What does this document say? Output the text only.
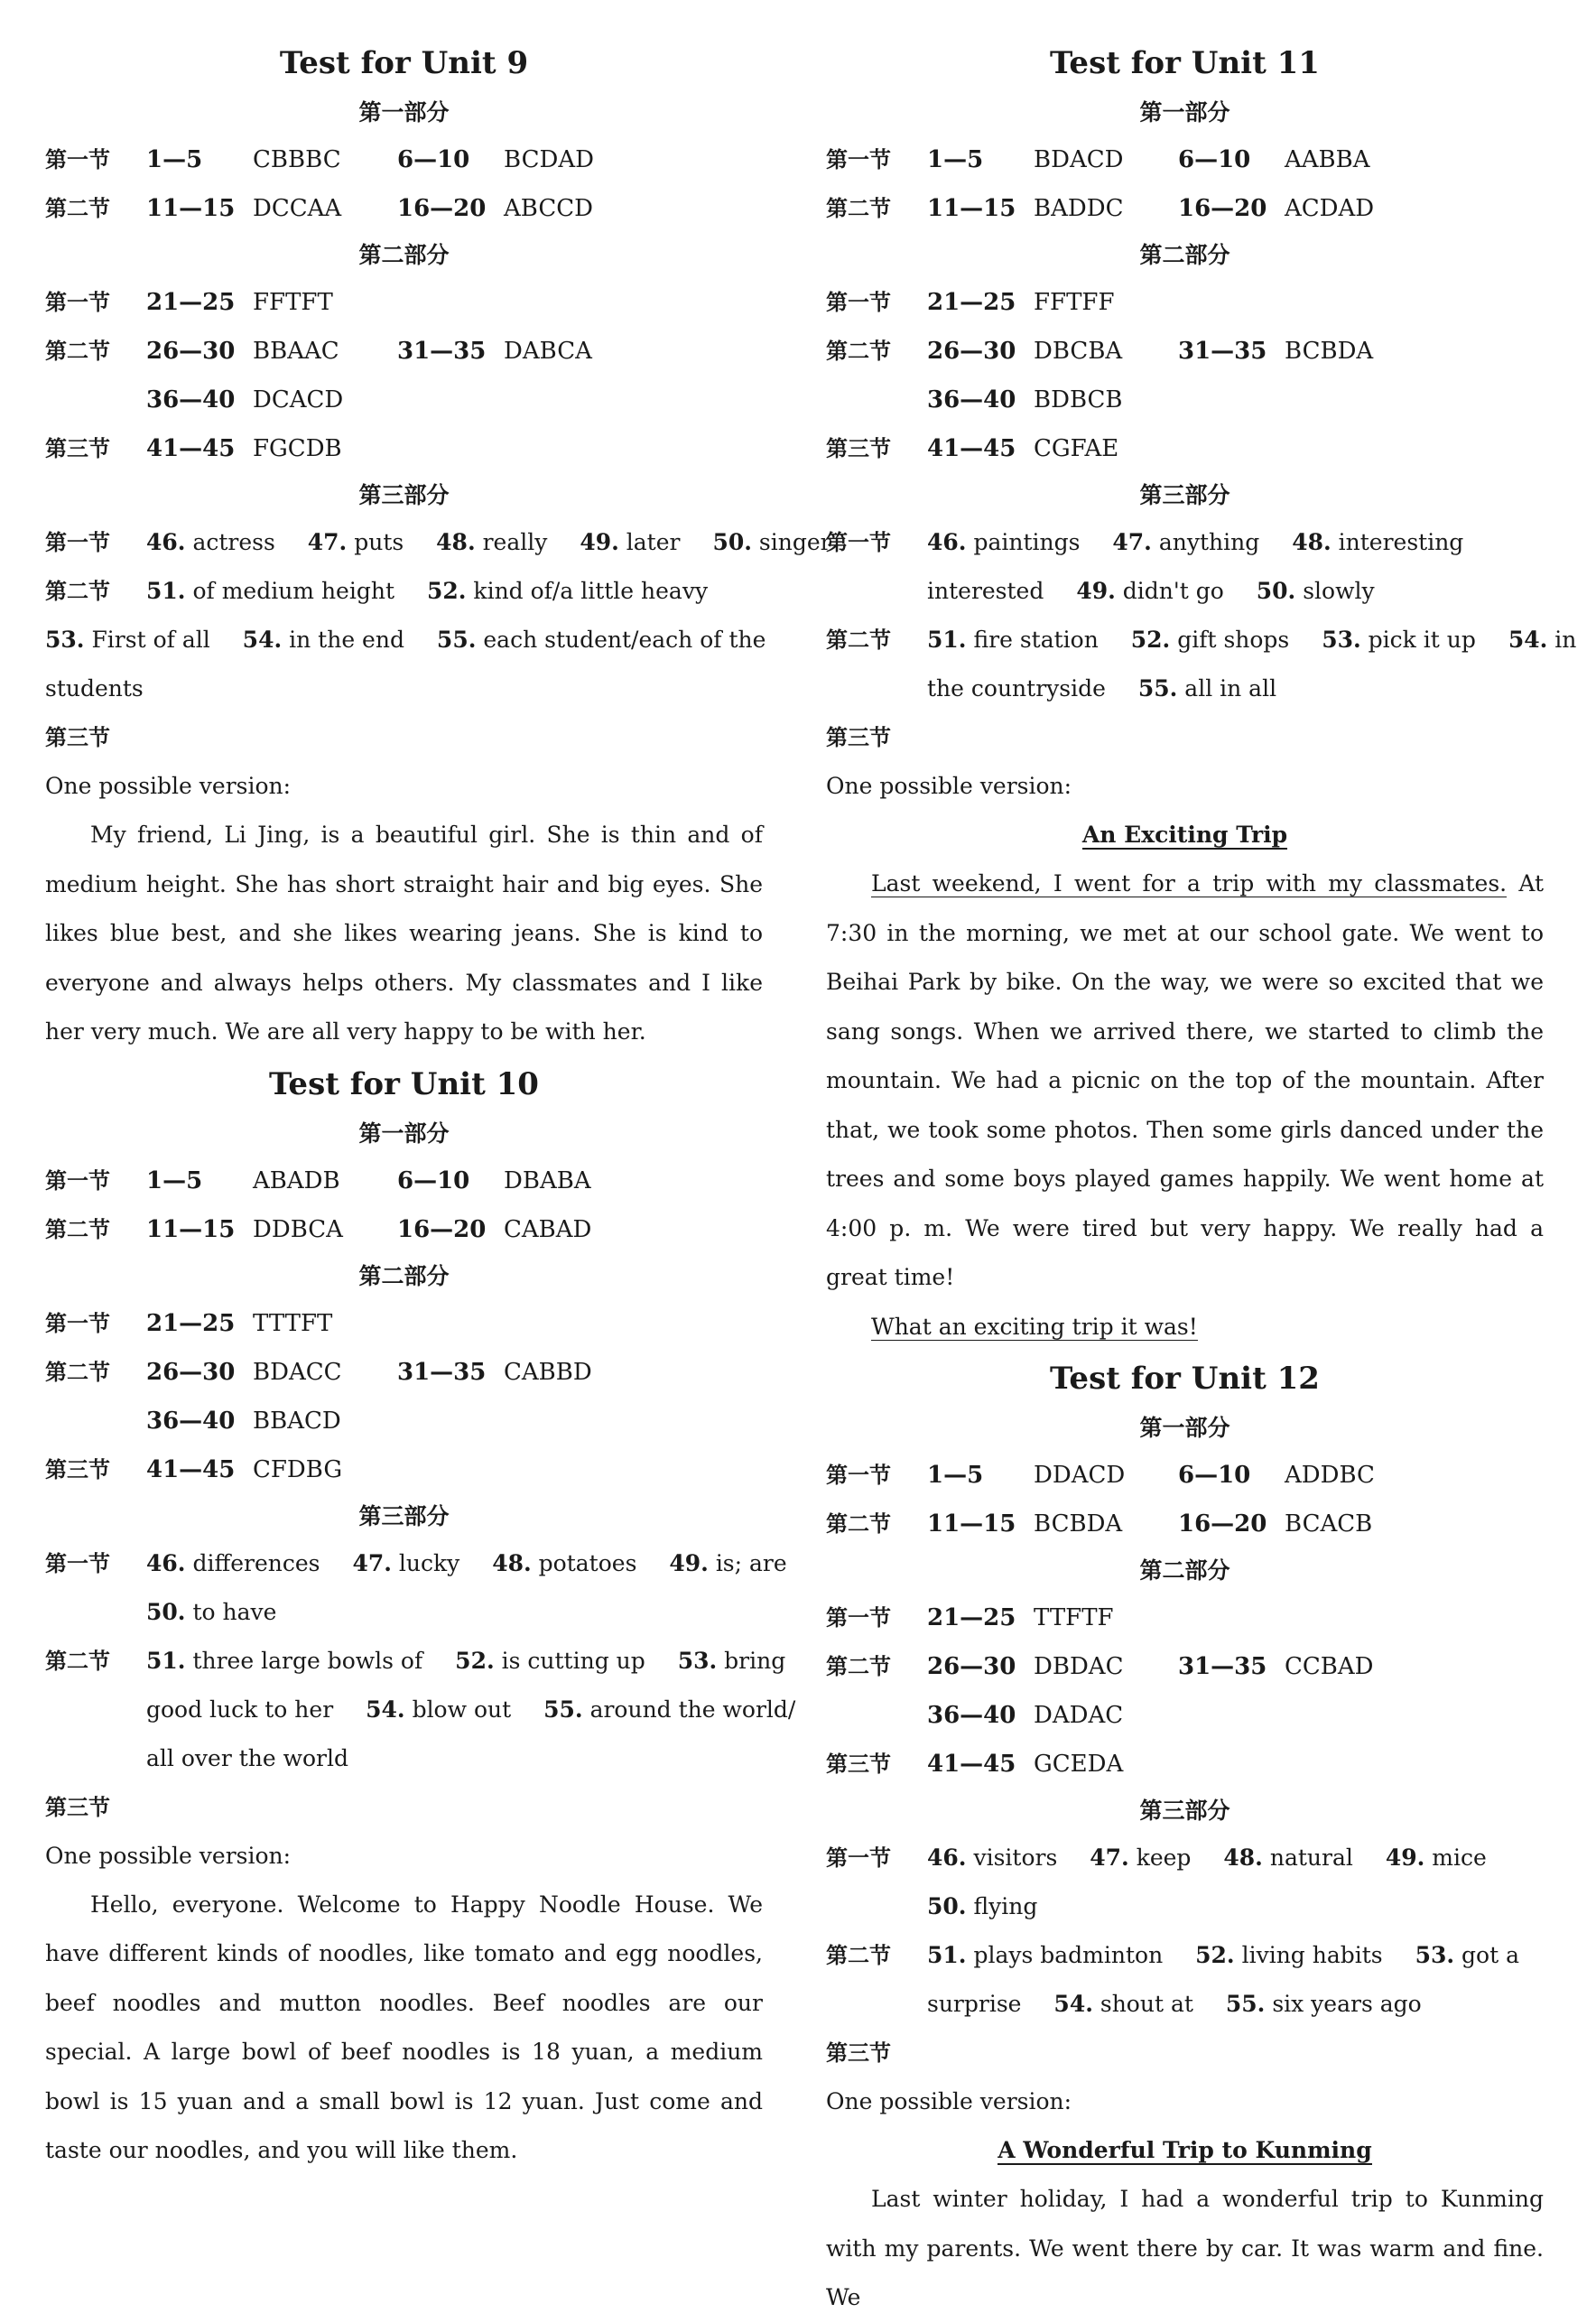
Test for Unit 9
第一部分
第一节	1—5	CBBBC	6—10	BCDAD
第二节	11—15 DCCAA	16—20 ABCCD
第二部分
第一节	21—25 FFTFT
第二节	26—30 BBAAC	31—35 DABCA
36—40 DCACD
第三节	41—45 FGCDB
第三部分
第一节	46. actress 47. puts 48. really 49. later 50. singer
第二节	51. of medium height 52. kind of/a little heavy
53. First of all 54. in the end 55. each student/each of the
students
第三节
One possible version:

My friend, Li Jing, is a beautiful girl. She is thin and of medium height. She has short straight hair and big eyes. She likes blue best, and she likes wearing jeans. She is kind to everyone and always helps others. My classmates and I like her very much. We are all very happy to be with her.

Test for Unit 10
第一部分
第一节	1—5	ABADB	6—10	DBABA
第二节	11—15 DDBCA	16—20 CABAD
第二部分
第一节	21—25 TTTFT
第二节	26—30 BDACC	31—35 CABBD
36—40 BBACD
第三节	41—45 CFDBG
第三部分
第一节	46. differences 47. lucky 48. potatoes 49. is; are
50. to have
第二节	51. three large bowls of 52. is cutting up 53. bring
good luck to her 54. blow out 55. around the world/
all over the world
第三节
One possible version:

Hello, everyone. Welcome to Happy Noodle House. We have different kinds of noodles, like tomato and egg noodles, beef noodles and mutton noodles. Beef noodles are our special. A large bowl of beef noodles is 18 yuan, a medium bowl is 15 yuan and a small bowl is 12 yuan. Just come and taste our noodles, and you will like them.

Test for Unit 11
第一部分
第一节	1—5	BDACD	6—10	AABBA
第二节	11—15 BADDC	16—20 ACDAD
第二部分
第一节	21—25 FFTFF
第二节	26—30 DBCBA	31—35 BCBDA
36—40 BDBCB
第三节	41—45 CGFAE
第三部分
第一节	46. paintings 47. anything 48. interesting
interested 49. didn't go 50. slowly
第二节	51. fire station 52. gift shops 53. pick it up 54. in
the countryside 55. all in all
第三节
One possible version:
An Exciting Trip

Last weekend, I went for a trip with my classmates. At 7:30 in the morning, we met at our school gate. We went to Beihai Park by bike. On the way, we were so excited that we sang songs. When we arrived there, we started to climb the mountain. We had a picnic on the top of the mountain. After that, we took some photos. Then some girls danced under the trees and some boys played games happily. We went home at 4:00 p. m. We were tired but very happy. We really had a great time!

What an exciting trip it was!

Test for Unit 12
第一部分
第一节	1—5	DDACD	6—10	ADDBC
第二节	11—15 BCBDA	16—20 BCACB
第二部分
第一节	21—25 TTFTF
第二节	26—30 DBDAC	31—35 CCBAD
36—40 DADAC
第三节	41—45 GCEDA
第三部分
第一节	46. visitors 47. keep 48. natural 49. mice
50. flying
第二节	51. plays badminton 52. living habits 53. got a
surprise 54. shout at 55. six years ago
第三节
One possible version:
A Wonderful Trip to Kunming

Last winter holiday, I had a wonderful trip to Kunming with my parents. We went there by car. It was warm and fine. We
